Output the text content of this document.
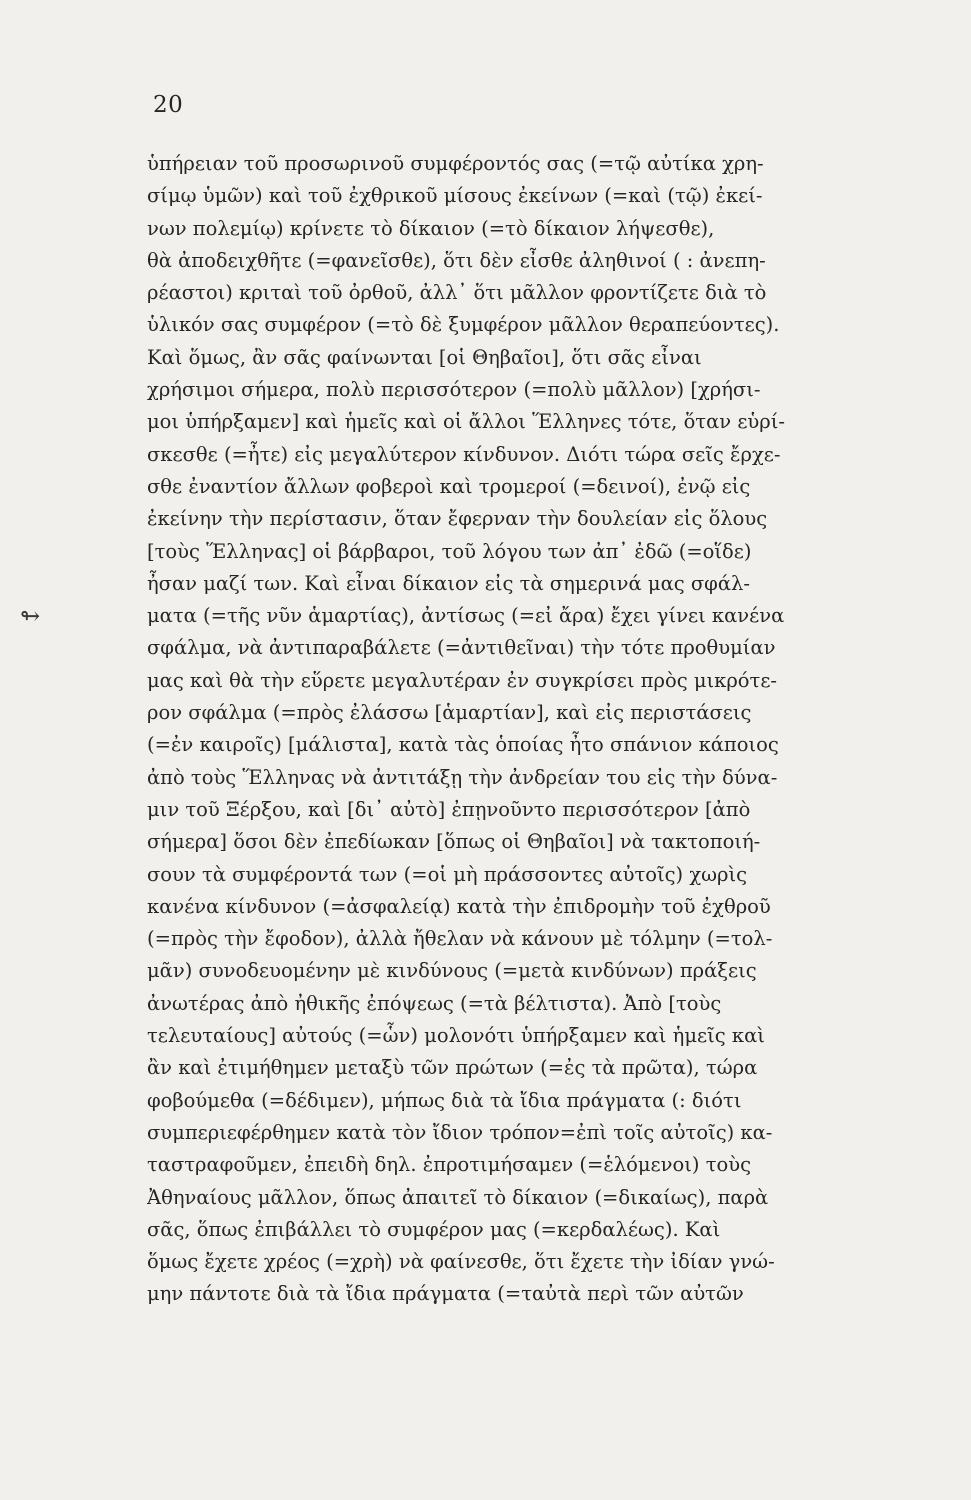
20
↬
ὑπήρειαν τοῦ προσωρινοῦ συμφέροντός σας (=τῷ αὐτίκα χρη-
σίμῳ ὑμῶν) καὶ τοῦ ἐχθρικοῦ μίσους ἐκείνων (=καὶ (τῷ) ἐκεί-
νων πολεμίῳ) κρίνετε τὸ δίκαιον (=τὸ δίκαιον λήψεσθε),
θὰ ἀποδειχθῆτε (=φανεῖσθε), ὅτι δὲν εἶσθε ἀληθινοί ( : ἀνεπη-
ρέαστοι) κριταὶ τοῦ ὀρθοῦ, ἀλλ᾽ ὅτι μᾶλλον φροντίζετε διὰ τὸ
ὑλικόν σας συμφέρον (=τὸ δὲ ξυμφέρον μᾶλλον θεραπεύοντες).
Καὶ ὅμως, ἂν σᾶς φαίνωνται [οἱ Θηβαῖοι], ὅτι σᾶς εἶναι
χρήσιμοι σήμερα, πολὺ περισσότερον (=πολὺ μᾶλλον) [χρήσι-
μοι ὑπήρξαμεν] καὶ ἡμεῖς καὶ οἱ ἄλλοι Ἕλληνες τότε, ὅταν εὑρί-
σκεσθε (=ἦτε) εἰς μεγαλύτερον κίνδυνον. Διότι τώρα σεῖς ἔρχε-
σθε ἐναντίον ἄλλων φοβεροὶ καὶ τρομεροί (=δεινοί), ἐνῷ εἰς
ἐκείνην τὴν περίστασιν, ὅταν ἔφερναν τὴν δουλείαν εἰς ὅλους
[τοὺς Ἕλληνας] οἱ βάρβαροι, τοῦ λόγου των ἀπ᾽ ἐδῶ (=οἵδε)
ἦσαν μαζί των. Καὶ εἶναι δίκαιον εἰς τὰ σημερινά μας σφάλ-
ματα (=τῆς νῦν ἁμαρτίας), ἀντίσως (=εἰ ἄρα) ἔχει γίνει κανένα
σφάλμα, νὰ ἀντιπαραβάλετε (=ἀντιθεῖναι) τὴν τότε προθυμίαν
μας καὶ θὰ τὴν εὕρετε μεγαλυτέραν ἐν συγκρίσει πρὸς μικρότε-
ρον σφάλμα (=πρὸς ἐλάσσω [ἁμαρτίαν], καὶ εἰς περιστάσεις
(=ἐν καιροῖς) [μάλιστα], κατὰ τὰς ὁποίας ἦτο σπάνιον κάποιος
ἀπὸ τοὺς Ἕλληνας νὰ ἀντιτάξῃ τὴν ἀνδρείαν του εἰς τὴν δύνα-
μιν τοῦ Ξέρξου, καὶ [δι᾽ αὐτὸ] ἐπῃνοῦντο περισσότερον [ἀπὸ
σήμερα] ὅσοι δὲν ἐπεδίωκαν [ὅπως οἱ Θηβαῖοι] νὰ τακτοποιή-
σουν τὰ συμφέροντά των (=οἱ μὴ πράσσοντες αὐτοῖς) χωρὶς
κανένα κίνδυνον (=ἀσφαλείᾳ) κατὰ τὴν ἐπιδρομὴν τοῦ ἐχθροῦ
(=πρὸς τὴν ἔφοδον), ἀλλὰ ἤθελαν νὰ κάνουν μὲ τόλμην (=τολ-
μᾶν) συνοδευομένην μὲ κινδύνους (=μετὰ κινδύνων) πράξεις
ἀνωτέρας ἀπὸ ἠθικῆς ἐπόψεως (=τὰ βέλτιστα). Ἀπὸ [τοὺς
τελευταίους] αὐτούς (=ὧν) μολονότι ὑπήρξαμεν καὶ ἡμεῖς καὶ
ἂν καὶ ἐτιμήθημεν μεταξὺ τῶν πρώτων (=ἐς τὰ πρῶτα), τώρα
φοβούμεθα (=δέδιμεν), μήπως διὰ τὰ ἴδια πράγματα (: διότι
συμπεριεφέρθημεν κατὰ τὸν ἴδιον τρόπον=ἐπὶ τοῖς αὐτοῖς) κα-
ταστραφοῦμεν, ἐπειδὴ δηλ. ἐπροτιμήσαμεν (=ἑλόμενοι) τοὺς
Ἀθηναίους μᾶλλον, ὅπως ἀπαιτεῖ τὸ δίκαιον (=δικαίως), παρὰ
σᾶς, ὅπως ἐπιβάλλει τὸ συμφέρον μας (=κερδαλέως). Καὶ
ὅμως ἔχετε χρέος (=χρὴ) νὰ φαίνεσθε, ὅτι ἔχετε τὴν ἰδίαν γνώ-
μην πάντοτε διὰ τὰ ἴδια πράγματα (=ταὐτὰ περὶ τῶν αὐτῶν
